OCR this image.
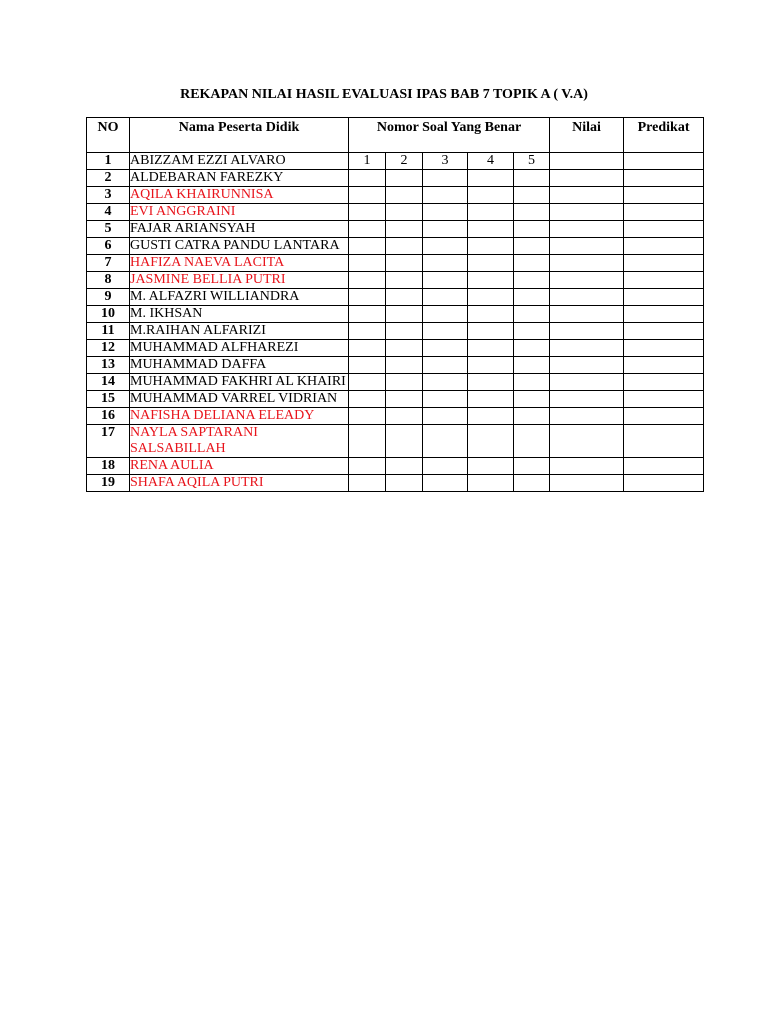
REKAPAN NILAI HASIL EVALUASI IPAS BAB 7 TOPIK A ( V.A)
NO	Nama Peserta Didik	Nomor Soal Yang Benar					Nilai	Predikat
1	ABIZZAM EZZI ALVARO	1	2	3	4	5		
2	ALDEBARAN FAREZKY							
3	AQILA KHAIRUNNISA							
4	EVI ANGGRAINI							
5	FAJAR ARIANSYAH							
6	GUSTI CATRA PANDU LANTARA							
7	HAFIZA NAEVA LACITA							
8	JASMINE BELLIA PUTRI							
9	M. ALFAZRI WILLIANDRA							
10	M. IKHSAN							
11	M.RAIHAN ALFARIZI							
12	MUHAMMAD ALFHAREZI							
13	MUHAMMAD DAFFA							
14	MUHAMMAD FAKHRI AL KHAIRI							
15	MUHAMMAD VARREL VIDRIAN							
16	NAFISHA DELIANA ELEADY							
17	NAYLA SAPTARANI SALSABILLAH							
18	RENA AULIA							
19	SHAFA AQILA PUTRI							
